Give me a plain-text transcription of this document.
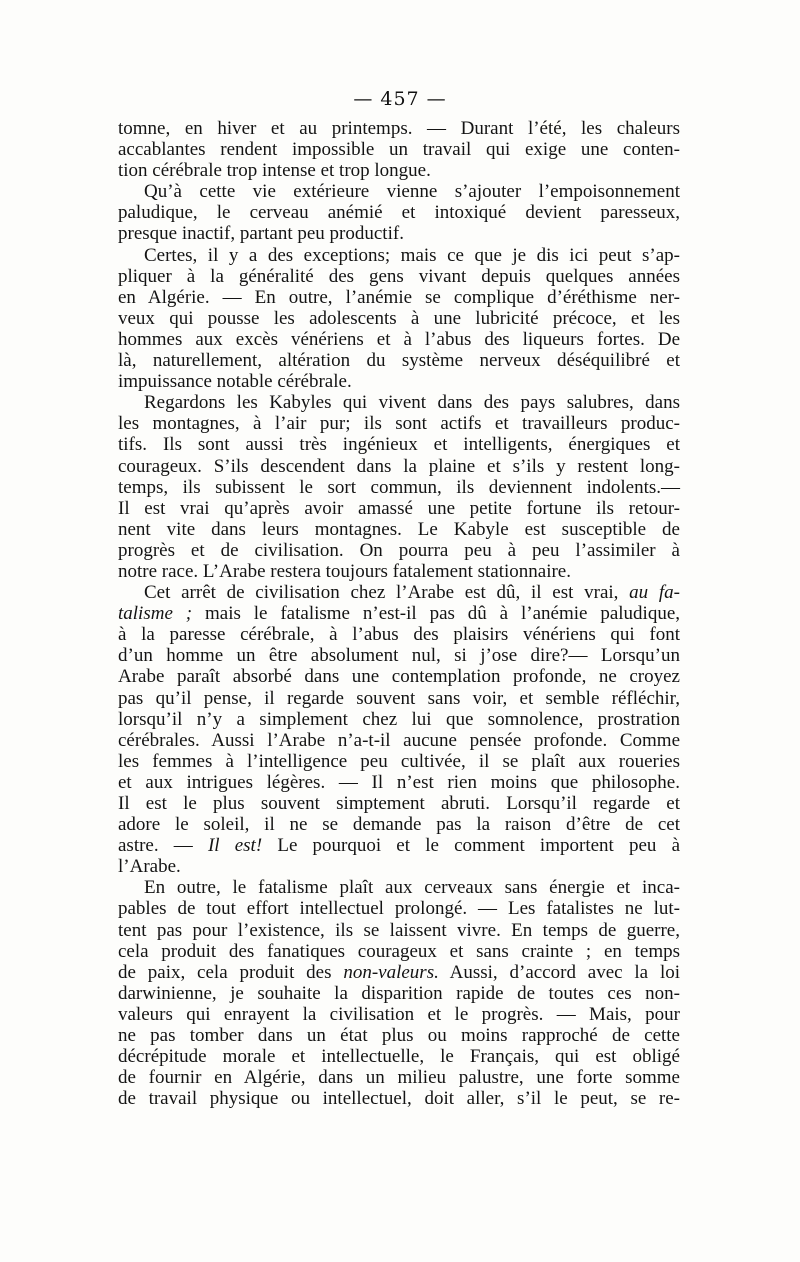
— 457 —
tomne, en hiver et au printemps. — Durant l’été, les chaleurs
accablantes rendent impossible un travail qui exige une conten-
tion cérébrale trop intense et trop longue.
Qu’à cette vie extérieure vienne s’ajouter l’empoisonnement
paludique, le cerveau anémié et intoxiqué devient paresseux,
presque inactif, partant peu productif.
Certes, il y a des exceptions; mais ce que je dis ici peut s’ap-
pliquer à la généralité des gens vivant depuis quelques années
en Algérie. — En outre, l’anémie se complique d’éréthisme ner-
veux qui pousse les adolescents à une lubricité précoce, et les
hommes aux excès vénériens et à l’abus des liqueurs fortes. De
là, naturellement, altération du système nerveux déséquilibré et
impuissance notable cérébrale.
Regardons les Kabyles qui vivent dans des pays salubres, dans
les montagnes, à l’air pur; ils sont actifs et travailleurs produc-
tifs. Ils sont aussi très ingénieux et intelligents, énergiques et
courageux. S’ils descendent dans la plaine et s’ils y restent long-
temps, ils subissent le sort commun, ils deviennent indolents.—
Il est vrai qu’après avoir amassé une petite fortune ils retour-
nent vite dans leurs montagnes. Le Kabyle est susceptible de
progrès et de civilisation. On pourra peu à peu l’assimiler à
notre race. L’Arabe restera toujours fatalement stationnaire.
Cet arrêt de civilisation chez l’Arabe est dû, il est vrai, au fa-
talisme ; mais le fatalisme n’est-il pas dû à l’anémie paludique,
à la paresse cérébrale, à l’abus des plaisirs vénériens qui font
d’un homme un être absolument nul, si j’ose dire?— Lorsqu’un
Arabe paraît absorbé dans une contemplation profonde, ne croyez
pas qu’il pense, il regarde souvent sans voir, et semble réfléchir,
lorsqu’il n’y a simplement chez lui que somnolence, prostration
cérébrales. Aussi l’Arabe n’a-t-il aucune pensée profonde. Comme
les femmes à l’intelligence peu cultivée, il se plaît aux roueries
et aux intrigues légères. — Il n’est rien moins que philosophe.
Il est le plus souvent simptement abruti. Lorsqu’il regarde et
adore le soleil, il ne se demande pas la raison d’être de cet
astre. — Il est! Le pourquoi et le comment importent peu à
l’Arabe.
En outre, le fatalisme plaît aux cerveaux sans énergie et inca-
pables de tout effort intellectuel prolongé. — Les fatalistes ne lut-
tent pas pour l’existence, ils se laissent vivre. En temps de guerre,
cela produit des fanatiques courageux et sans crainte ; en temps
de paix, cela produit des non-valeurs. Aussi, d’accord avec la loi
darwinienne, je souhaite la disparition rapide de toutes ces non-
valeurs qui enrayent la civilisation et le progrès. — Mais, pour
ne pas tomber dans un état plus ou moins rapproché de cette
décrépitude morale et intellectuelle, le Français, qui est obligé
de fournir en Algérie, dans un milieu palustre, une forte somme
de travail physique ou intellectuel, doit aller, s’il le peut, se re-
